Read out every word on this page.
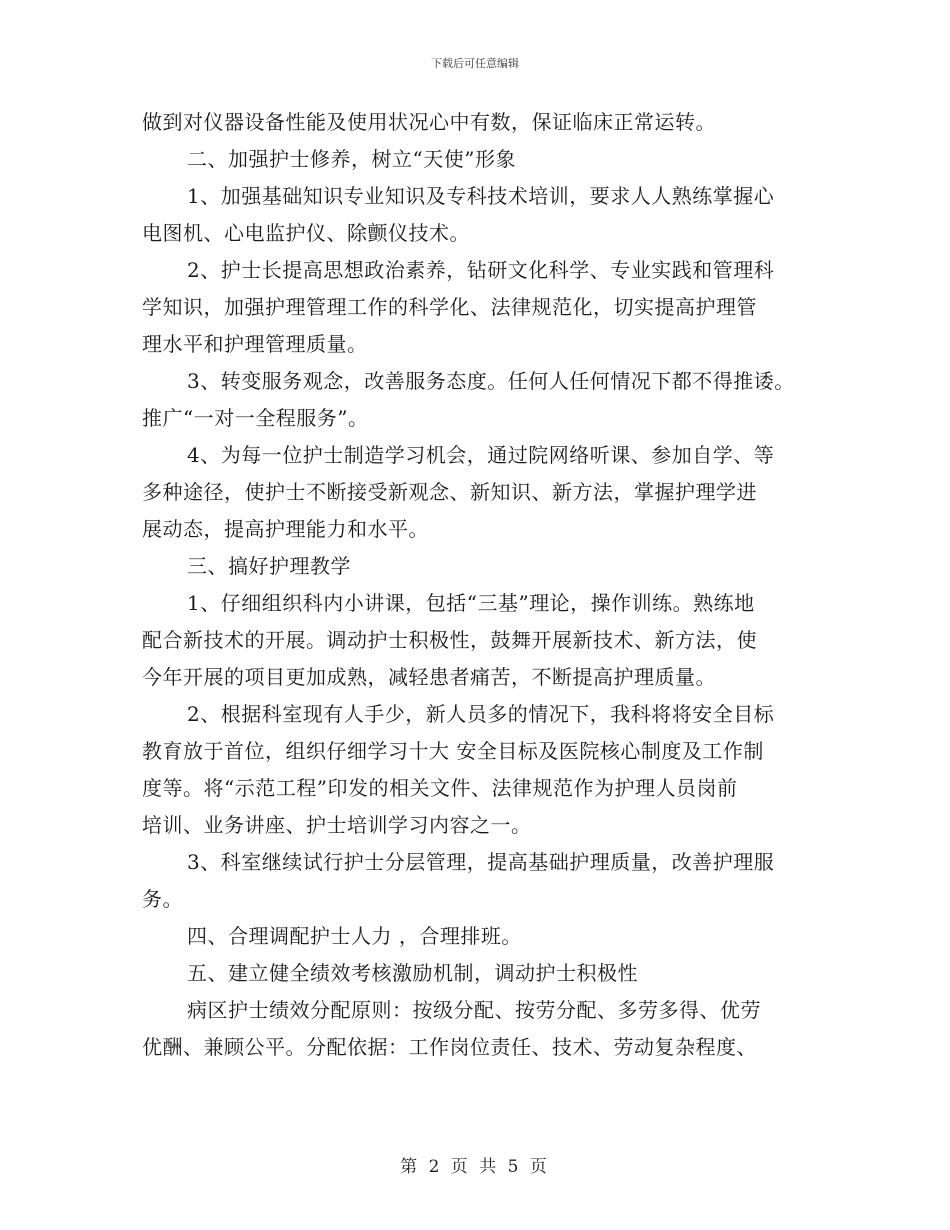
下载后可任意编辑
做到对仪器设备性能及使用状况心中有数，保证临床正常运转。
二、加强护士修养，树立“天使”形象
1、加强基础知识专业知识及专科技术培训，要求人人熟练掌握心
电图机、心电监护仪、除颤仪技术。
2、护士长提高思想政治素养，钻研文化科学、专业实践和管理科
学知识，加强护理管理工作的科学化、法律规范化，切实提高护理管
理水平和护理管理质量。
3、转变服务观念，改善服务态度。任何人任何情况下都不得推诿。
推广“一对一全程服务”。
4、为每一位护士制造学习机会，通过院网络听课、参加自学、等
多种途径，使护士不断接受新观念、新知识、新方法，掌握护理学进
展动态，提高护理能力和水平。
三、搞好护理教学
1、仔细组织科内小讲课，包括“三基”理论，操作训练。熟练地
配合新技术的开展。调动护士积极性，鼓舞开展新技术、新方法，使
今年开展的项目更加成熟，减轻患者痛苦，不断提高护理质量。
2、根据科室现有人手少，新人员多的情况下，我科将将安全目标
教育放于首位，组织仔细学习十大 安全目标及医院核心制度及工作制
度等。将“示范工程”印发的相关文件、法律规范作为护理人员岗前
培训、业务讲座、护士培训学习内容之一。
3、科室继续试行护士分层管理，提高基础护理质量，改善护理服
务。
四、合理调配护士人力 ，合理排班。
五、建立健全绩效考核激励机制，调动护士积极性
病区护士绩效分配原则：按级分配、按劳分配、多劳多得、优劳
优酬、兼顾公平。分配依据：工作岗位责任、技术、劳动复杂程度、
第 2 页 共 5 页
